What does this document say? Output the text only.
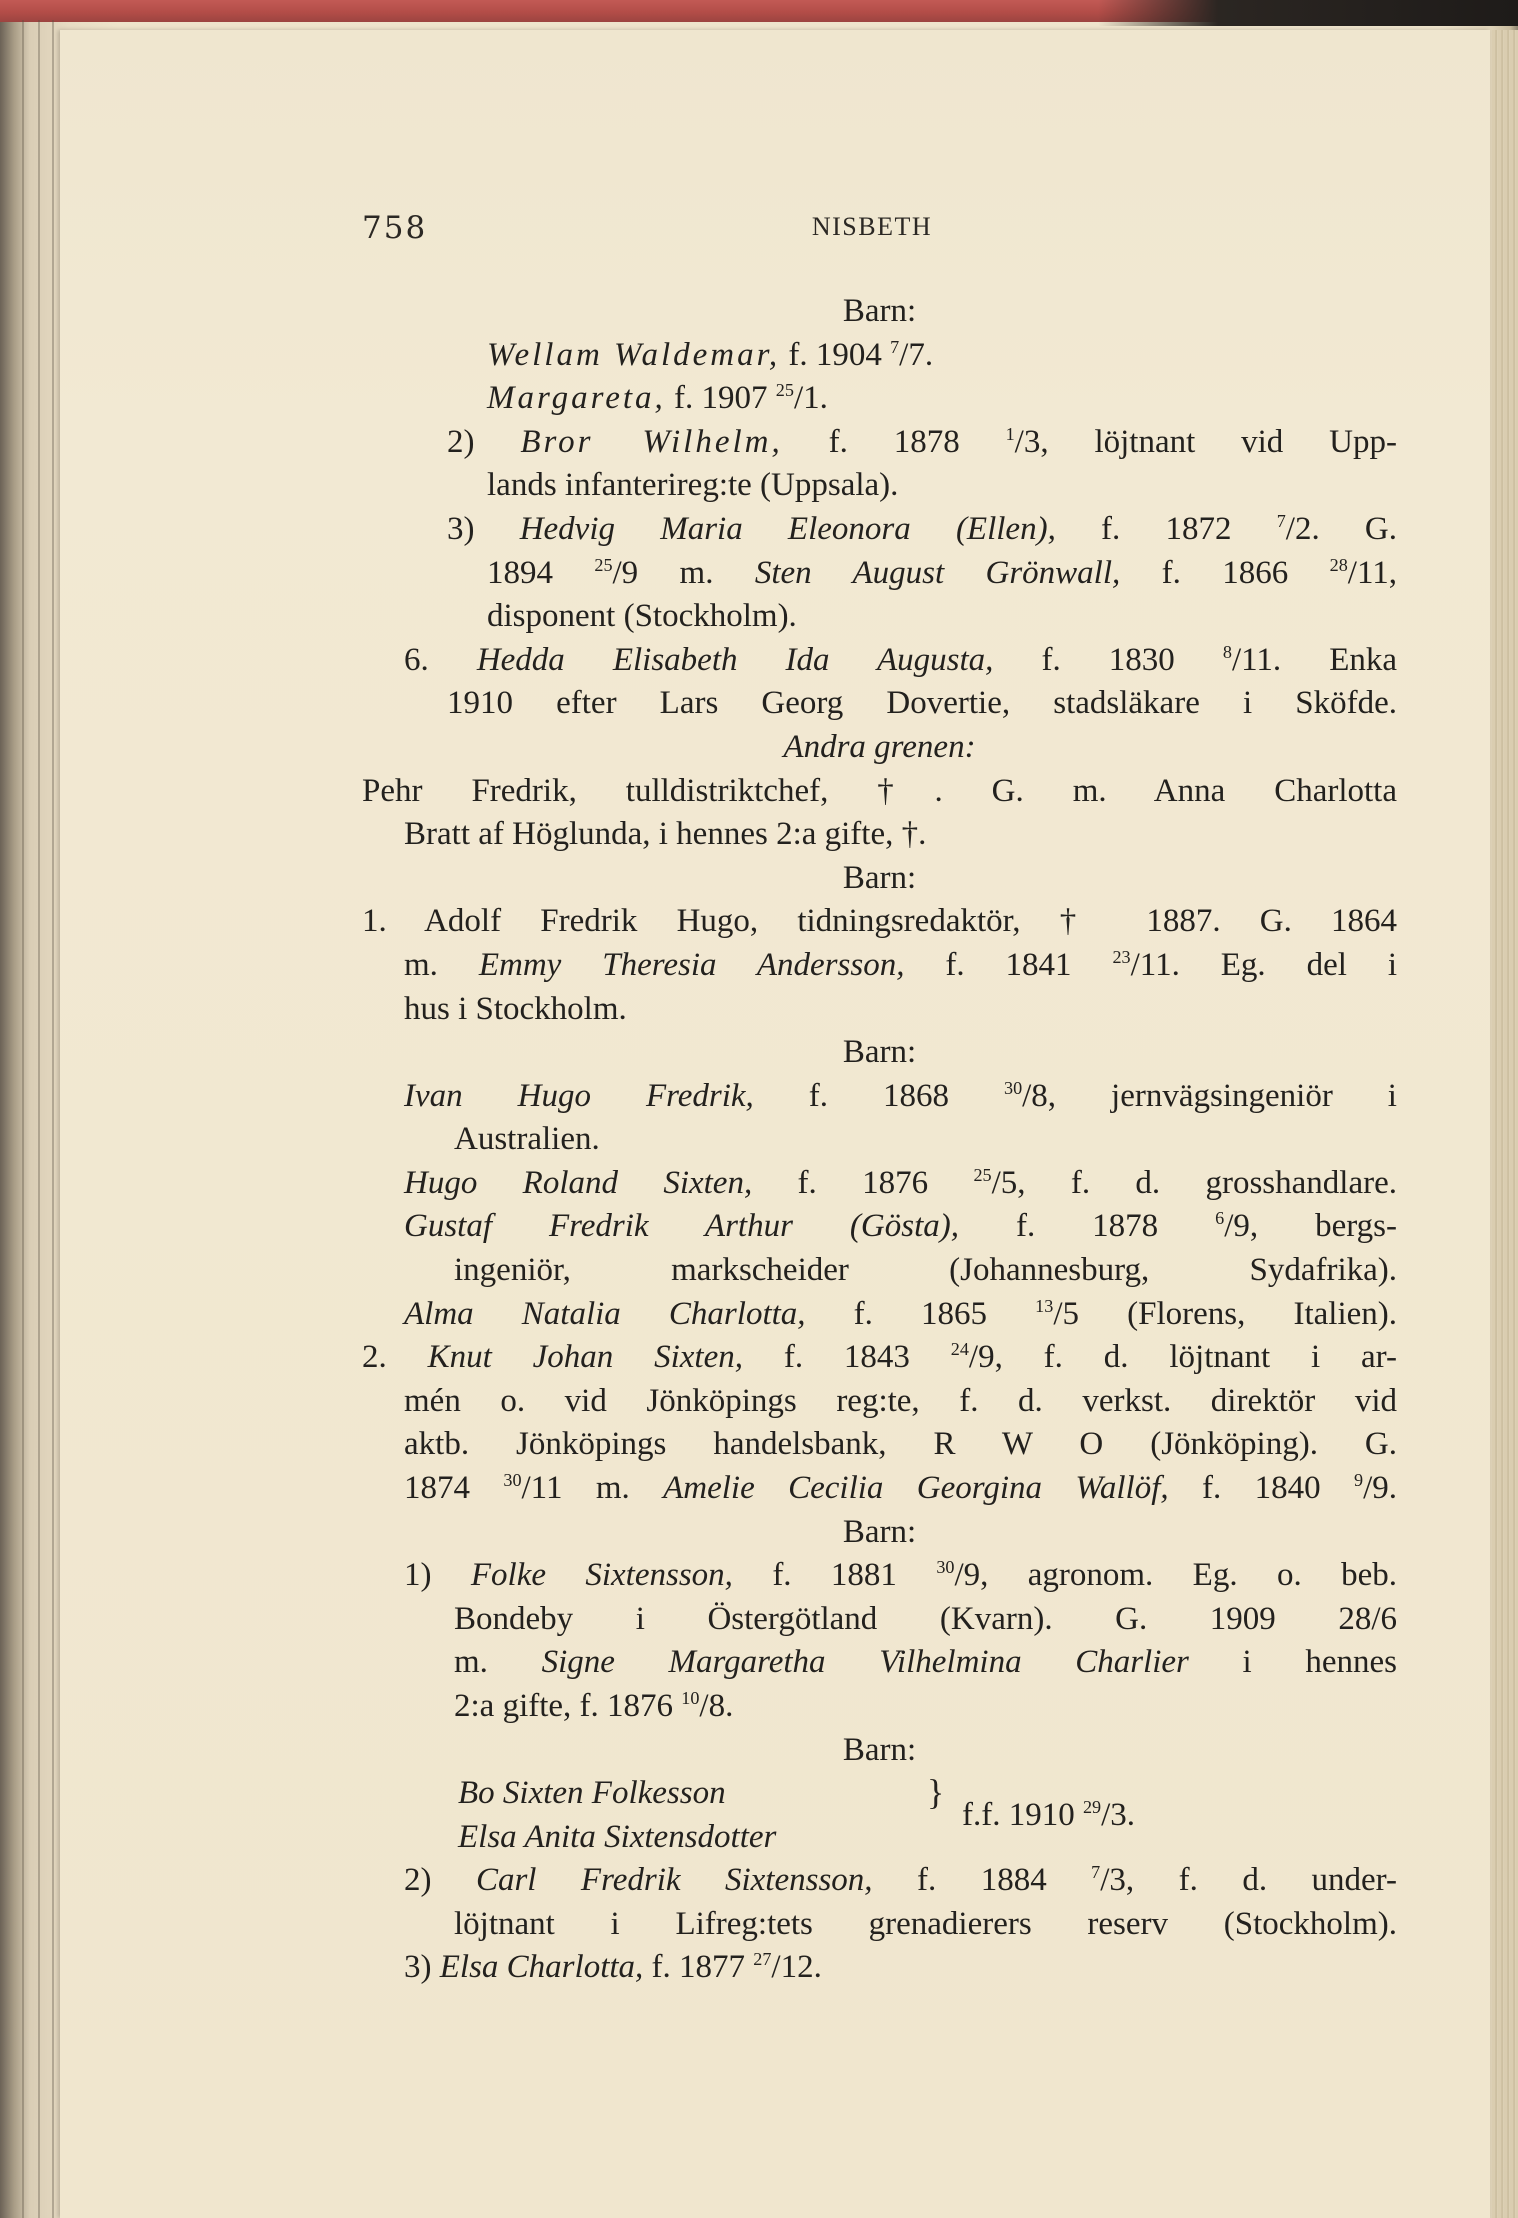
758	NISBETH
Barn:
Wellam Waldemar, f. 1904 $^7$/7.
Margareta, f. 1907 $^{25}$/1.
2) Bror Wilhelm, f. 1878 $^1$/3, löjtnant vid Upp-
lands infanterireg:te (Uppsala).
3) Hedvig Maria Eleonora (Ellen), f. 1872 $^7$/2. G.
1894 $^{25}$/9 m. Sten August Grönwall, f. 1866 $^{28}$/11,
disponent (Stockholm).
6. Hedda Elisabeth Ida Augusta, f. 1830 $^8$/11. Enka
1910 efter Lars Georg Dovertie, stadsläkare i Sköfde.
Andra grenen:
Pehr Fredrik, tulldistriktchef, †. G. m. Anna Charlotta
Bratt af Höglunda, i hennes 2:a gifte, †.
Barn:
1. Adolf Fredrik Hugo, tidningsredaktör, † 1887. G. 1864
m. Emmy Theresia Andersson, f. 1841 $^{23}$/11. Eg. del i
hus i Stockholm.
Barn:
Ivan Hugo Fredrik, f. 1868 $^{30}$/8, jernvägsingeniör i
Australien.
Hugo Roland Sixten, f. 1876 $^{25}$/5, f. d. grosshandlare.
Gustaf Fredrik Arthur (Gösta), f. 1878 $^6$/9, bergs-
ingeniör, markscheider (Johannesburg, Sydafrika).
Alma Natalia Charlotta, f. 1865 $^{13}$/5 (Florens, Italien).
2. Knut Johan Sixten, f. 1843 $^{24}$/9, f. d. löjtnant i ar-
mén o. vid Jönköpings reg:te, f. d. verkst. direktör vid
aktb. Jönköpings handelsbank, R W O (Jönköping). G.
1874 $^{30}$/11 m. Amelie Cecilia Georgina Wallöf, f. 1840 $^9$/9.
Barn:
1) Folke Sixtensson, f. 1881 $^{30}$/9, agronom. Eg. o. beb.
Bondeby i Östergötland (Kvarn). G. 1909 28/6
m. Signe Margaretha Vilhelmina Charlier i hennes
2:a gifte, f. 1876 $^{10}$/8.
Barn:
Bo Sixten Folkesson
Elsa Anita Sixtensdotter
}
f.f. 1910 $^{29}$/3.
2) Carl Fredrik Sixtensson, f. 1884 $^7$/3, f. d. under-
löjtnant i Lifreg:tets grenadierers reserv (Stockholm).
3) Elsa Charlotta, f. 1877 $^{27}$/12.
